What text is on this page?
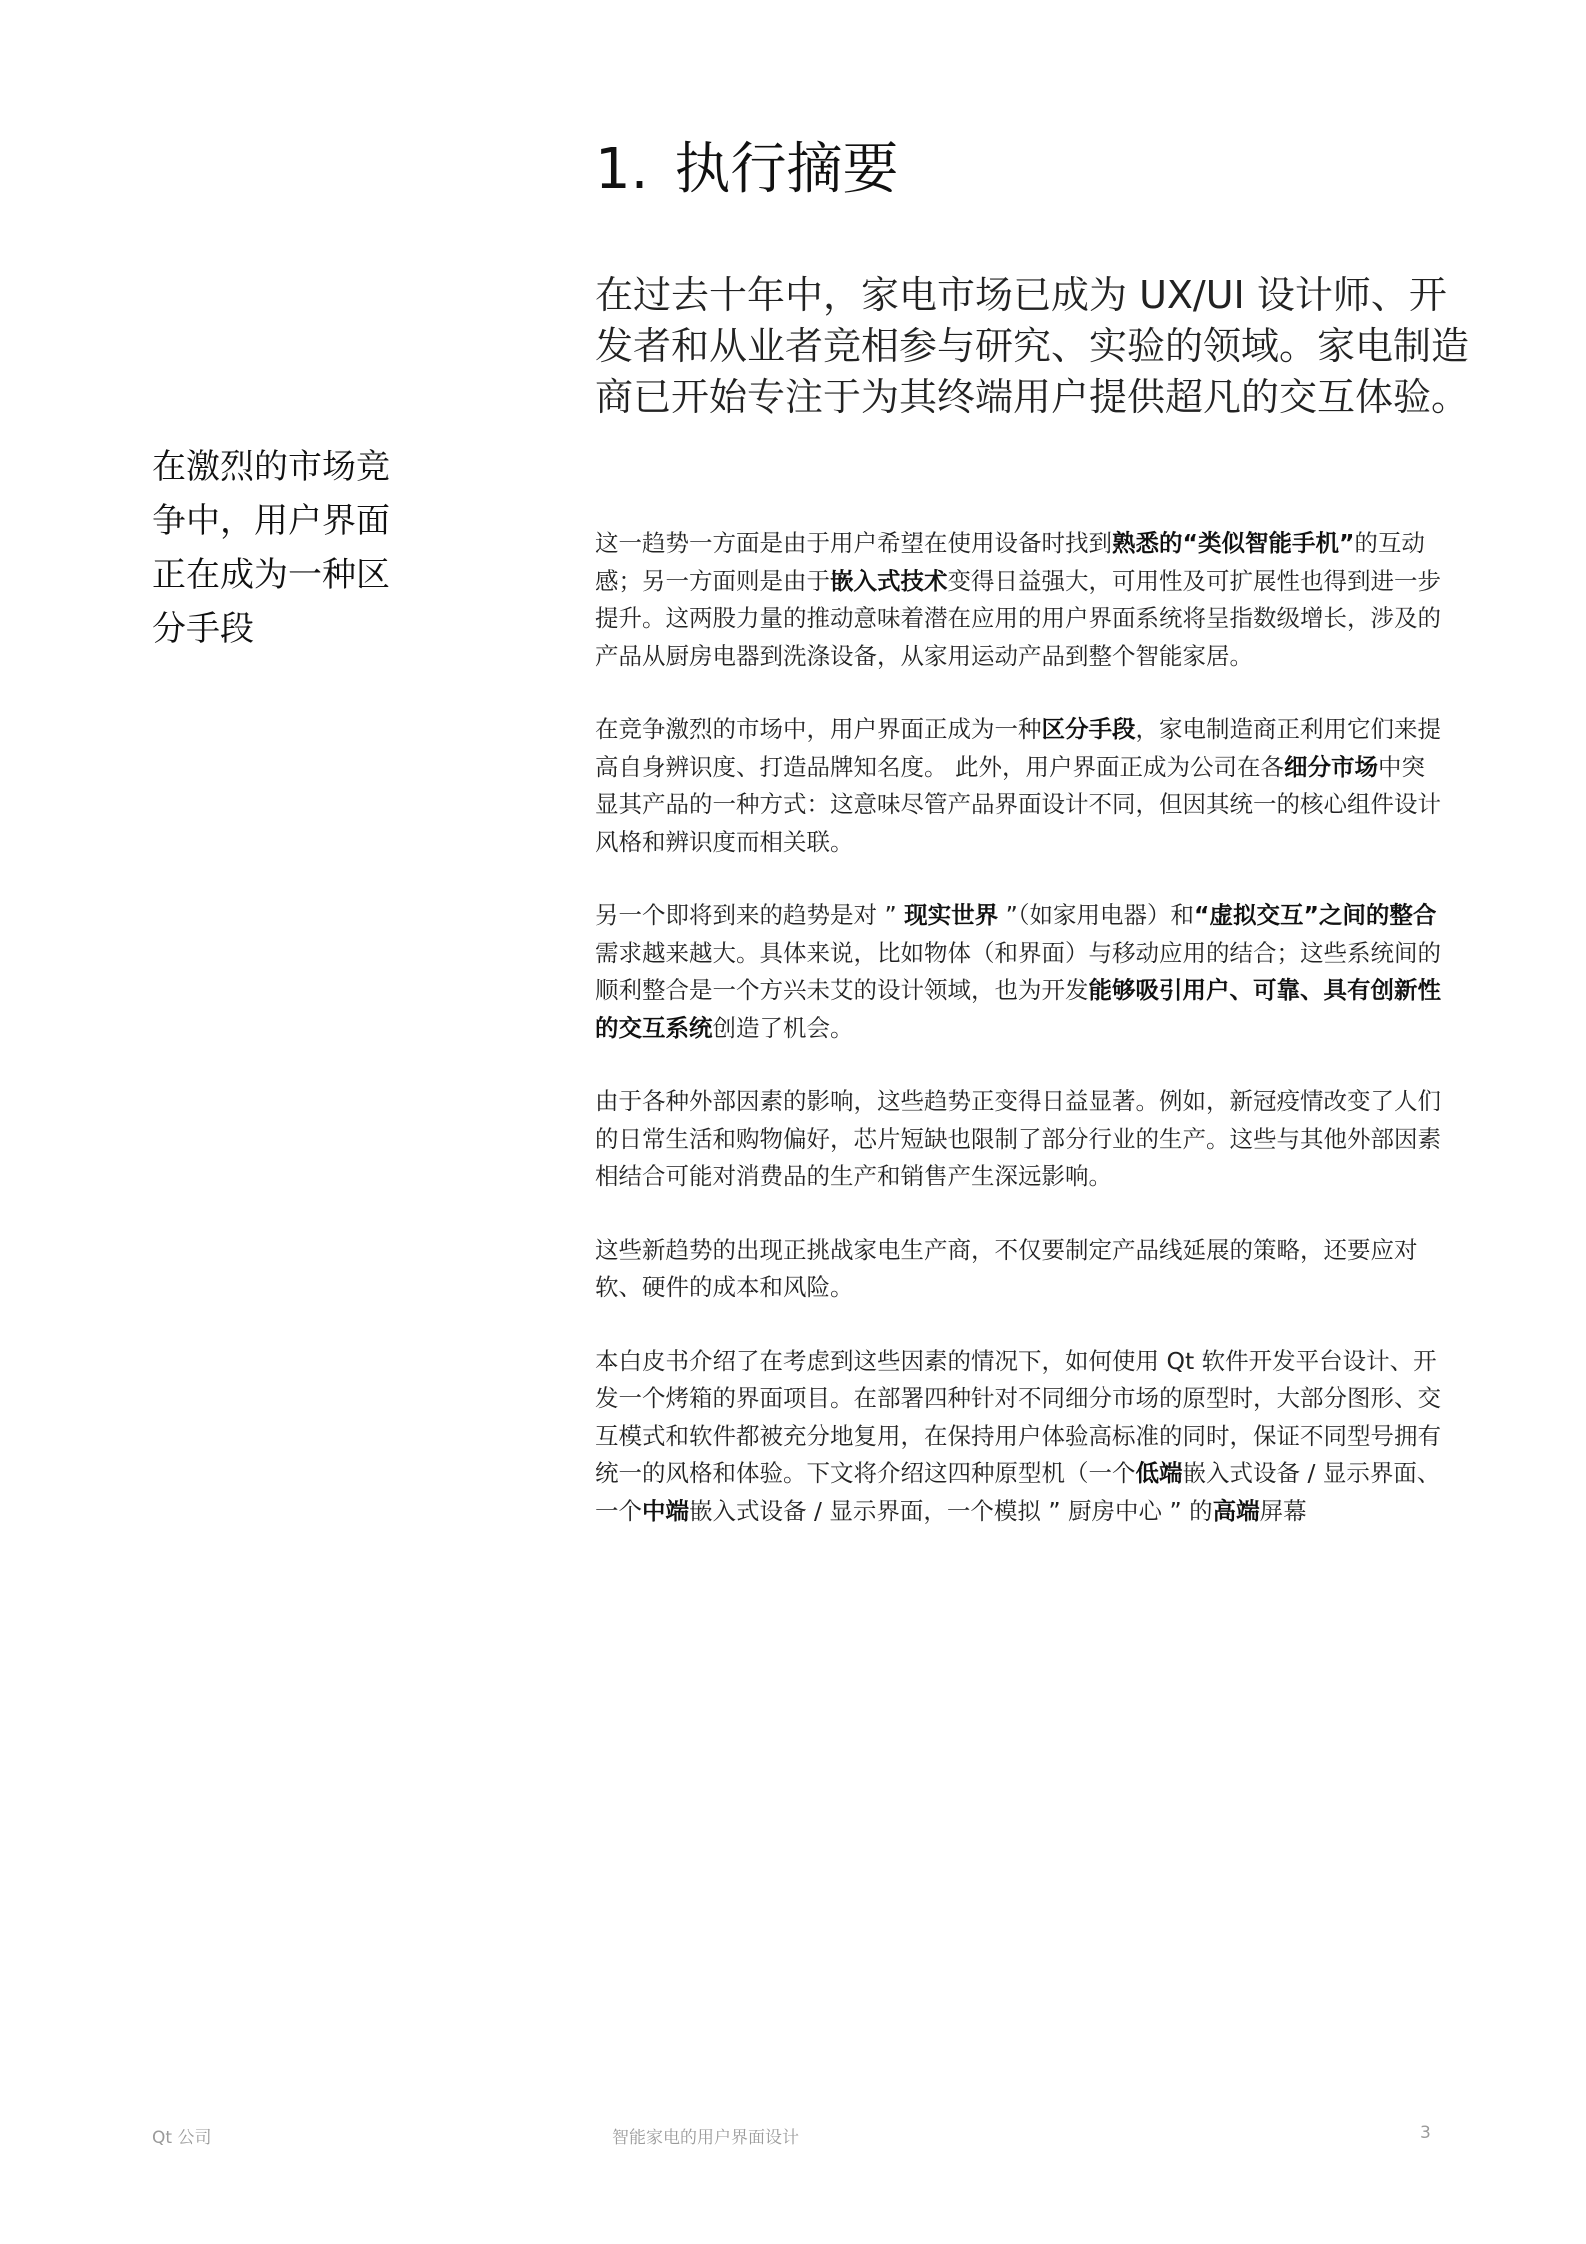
1. 执行摘要

在过去十年中，家电市场已成为 UX/UI 设计师、开发者和从业者竞相参与研究、实验的领域。家电制造商已开始专注于为其终端用户提供超凡的交互体验。

在激烈的市场竞争中，用户界面正在成为一种区分手段

这一趋势一方面是由于用户希望在使用设备时找到熟悉的“类似智能手机”的互动感；另一方面则是由于嵌入式技术变得日益强大，可用性及可扩展性也得到进一步提升。这两股力量的推动意味着潜在应用的用户界面系统将呈指数级增长，涉及的产品从厨房电器到洗涤设备，从家用运动产品到整个智能家居。

在竞争激烈的市场中，用户界面正成为一种区分手段，家电制造商正利用它们来提高自身辨识度、打造品牌知名度。 此外，用户界面正成为公司在各细分市场中突显其产品的一种方式：这意味尽管产品界面设计不同，但因其统一的核心组件设计风格和辨识度而相关联。

另一个即将到来的趋势是对 ” 现实世界 ”（如家用电器）和“虚拟交互”之间的整合需求越来越大。具体来说，比如物体（和界面）与移动应用的结合；这些系统间的顺利整合是一个方兴未艾的设计领域，也为开发能够吸引用户、可靠、具有创新性的交互系统创造了机会。

由于各种外部因素的影响，这些趋势正变得日益显著。例如，新冠疫情改变了人们的日常生活和购物偏好，芯片短缺也限制了部分行业的生产。这些与其他外部因素相结合可能对消费品的生产和销售产生深远影响。

这些新趋势的出现正挑战家电生产商，不仅要制定产品线延展的策略，还要应对软、硬件的成本和风险。

本白皮书介绍了在考虑到这些因素的情况下，如何使用 Qt 软件开发平台设计、开发一个烤箱的界面项目。在部署四种针对不同细分市场的原型时，大部分图形、交互模式和软件都被充分地复用，在保持用户体验高标准的同时，保证不同型号拥有统一的风格和体验。下文将介绍这四种原型机（一个低端嵌入式设备 / 显示界面、一个中端嵌入式设备 / 显示界面，一个模拟 ” 厨房中心 ” 的高端屏幕

Qt 公司	智能家电的用户界面设计	3
